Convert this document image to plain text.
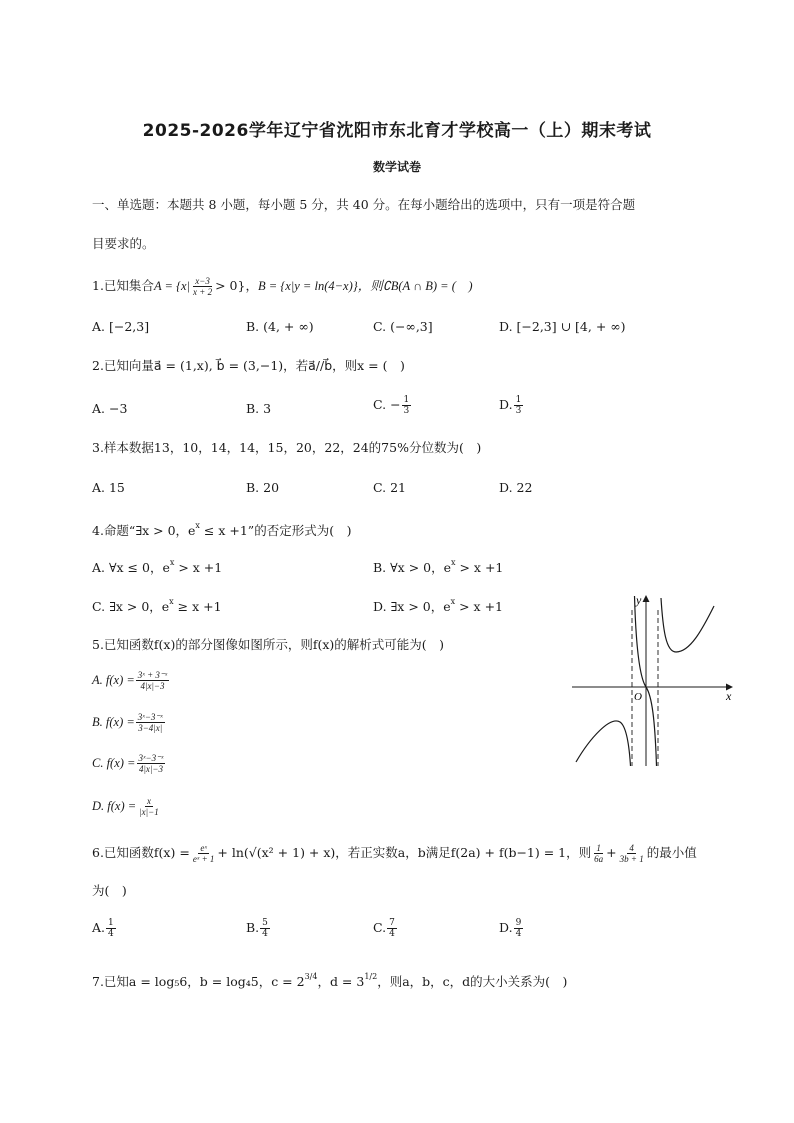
2025-2026学年辽宁省沈阳市东北育才学校高一（上）期末考试
数学试卷
一、单选题：本题共 8 小题，每小题 5 分，共 40 分。在每小题给出的选项中，只有一项是符合题
目要求的。
1.已知集合$A = \{x| \frac{x-3}{x + 2} > 0\}$，B = {x|y = ln(4−x)}，则∁B(A ∩ B) = (　)
A. [−2,3]	B. (4, + ∞)	C. (−∞,3]	D. [−2,3] ∪ [4, + ∞)
2.已知向量a⃗ = (1,x), b⃗ = (3,−1)，若a⃗//b⃗，则x = (　)
A. −3	B. 3	C. − $\frac{1}{3}$	D. $\frac{1}{3}$
3.样本数据13，10，14，14，15，20，22，24的75%分位数为(　)
A. 15	B. 20	C. 21	D. 22
4.命题“∃x > 0，$e^x \le x +1$”的否定形式为(　)
A. ∀x ≤ 0，$e^x > x +1$	B. ∀x > 0，$e^x > x +1$
C. ∃x > 0，$e^x \ge x +1$	D. ∃x > 0，$e^x > x +1$
5.已知函数f(x)的部分图像如图所示，则f(x)的解析式可能为(　)
A. $f(x) = \frac{\text{3ˣ + 3⁻ˣ}}{4|x|-3}$
B. $f(x) = \frac{\text{3ˣ−3⁻ˣ}}{3-4|x|}$
C. $f(x) = \frac{\text{3ˣ−3⁻ˣ}}{4|x|-3}$
D. $f(x) = \frac{x}{|x|-1}$
y
x
O
6.已知函数$f(x) = \frac{\text{eˣ}}{\text{eˣ + 1}} + \ln(√(x^2 + 1) + x)$，若正实数a，b满足f(2a) + f(b−1) = 1，则 $\frac{1}{6a} + \frac{4}{3b + 1}$ 的最小值
为(　)
A. $\frac{1}{4}$	B. $\frac{5}{4}$	C. $\frac{7}{4}$	D. $\frac{9}{4}$
7.已知a = log₅6，b = log₄5，$c = 2^{3/4}$，$d = 3^{1/2}$，则a，b，c，d的大小关系为(　)
